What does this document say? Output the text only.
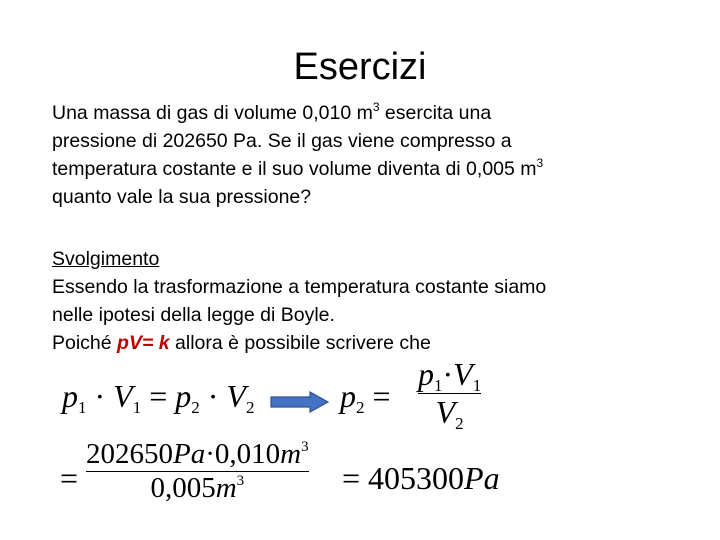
Esercizi
Una massa di gas di volume 0,010 $m^3$ esercita una
pressione di 202650 Pa. Se il gas viene compresso a
temperatura costante e il suo volume diventa di 0,005 $m^3$
quanto vale la sua pressione?
Svolgimento
Essendo la trasformazione a temperatura costante siamo
nelle ipotesi della legge di Boyle.
Poiché pV= k allora è possibile scrivere che
$p_1 \cdot V_1 = p_2 \cdot V_2$	$p_2$ =
$p_1\cdot V_1$
$V_2$
=
$202650Pa\cdot 0,010m^3$
$0,005m^3$	= 405300Pa
